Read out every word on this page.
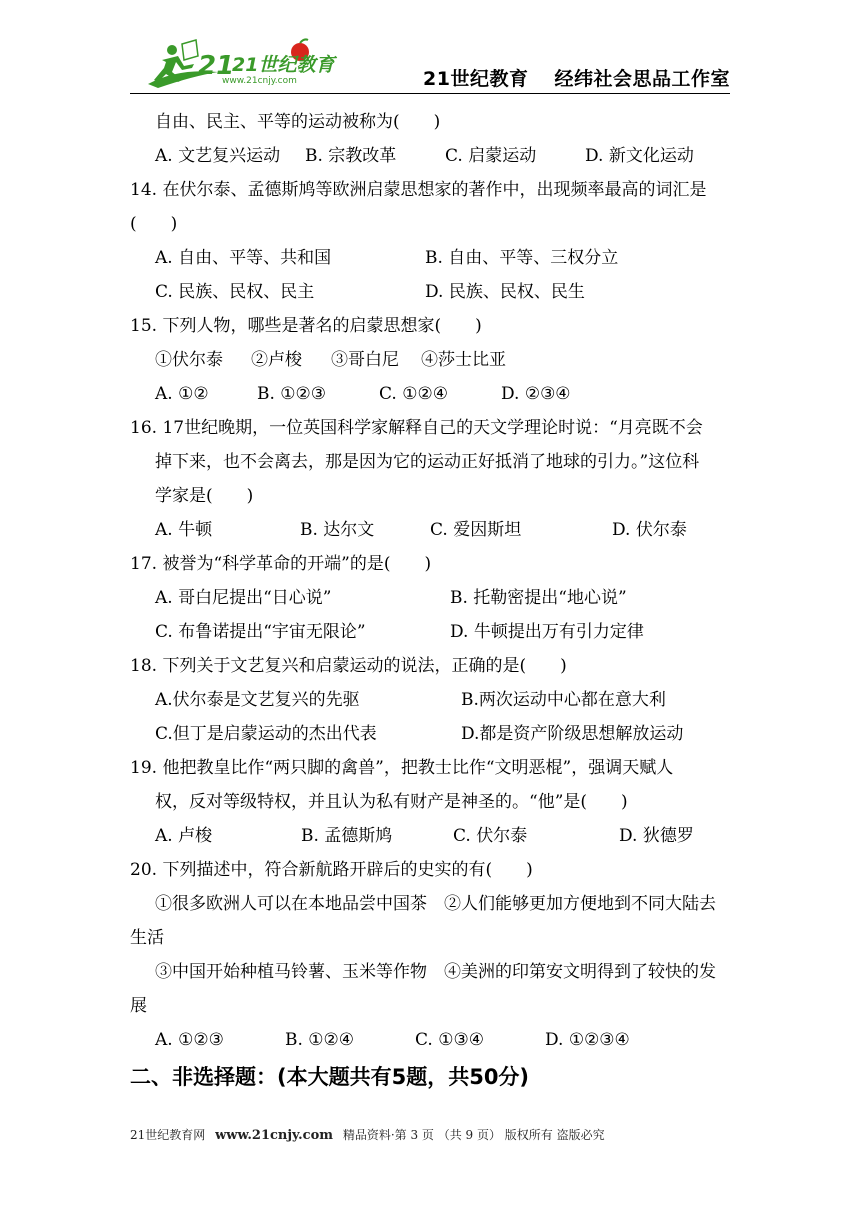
21
21世纪教育
www.21cnjy.com	21世纪教育 经纬社会思品工作室
自由、民主、平等的运动被称为(　　)
A. 文艺复兴运动 B. 宗教改革	C. 启蒙运动	D. 新文化运动
14. 在伏尔泰、孟德斯鸠等欧洲启蒙思想家的著作中，出现频率最高的词汇是
(　　)
A. 自由、平等、共和国	B. 自由、平等、三权分立
C. 民族、民权、民主	D. 民族、民权、民生
15. 下列人物，哪些是著名的启蒙思想家(　　)
①伏尔泰 ②卢梭 ③哥白尼 ④莎士比亚
A. ①②	B. ①②③	C. ①②④	D. ②③④
16. 17世纪晚期，一位英国科学家解释自己的天文学理论时说：“月亮既不会
掉下来，也不会离去，那是因为它的运动正好抵消了地球的引力。”这位科
学家是(　　)
A. 牛顿	B. 达尔文	C. 爱因斯坦	D. 伏尔泰
17. 被誉为“科学革命的开端”的是(　　)
A. 哥白尼提出“日心说”	B. 托勒密提出“地心说”
C. 布鲁诺提出“宇宙无限论”	D. 牛顿提出万有引力定律
18. 下列关于文艺复兴和启蒙运动的说法，正确的是(　　)
A.伏尔泰是文艺复兴的先驱	B.两次运动中心都在意大利
C.但丁是启蒙运动的杰出代表	D.都是资产阶级思想解放运动
19. 他把教皇比作“两只脚的禽兽”，把教士比作“文明恶棍”，强调天赋人
权，反对等级特权，并且认为私有财产是神圣的。“他”是(　　)
A. 卢梭	B. 孟德斯鸠	C. 伏尔泰	D. 狄德罗
20. 下列描述中，符合新航路开辟后的史实的有(　　)
①很多欧洲人可以在本地品尝中国茶　②人们能够更加方便地到不同大陆去
生活
③中国开始种植马铃薯、玉米等作物　④美洲的印第安文明得到了较快的发
展
A. ①②③	B. ①②④	C. ①③④	D. ①②③④
二、非选择题：(本大题共有5题，共50分)
21世纪教育网 www.21cnjy.com 精品资料·第 3 页 （共 9 页） 版权所有 盗版必究
